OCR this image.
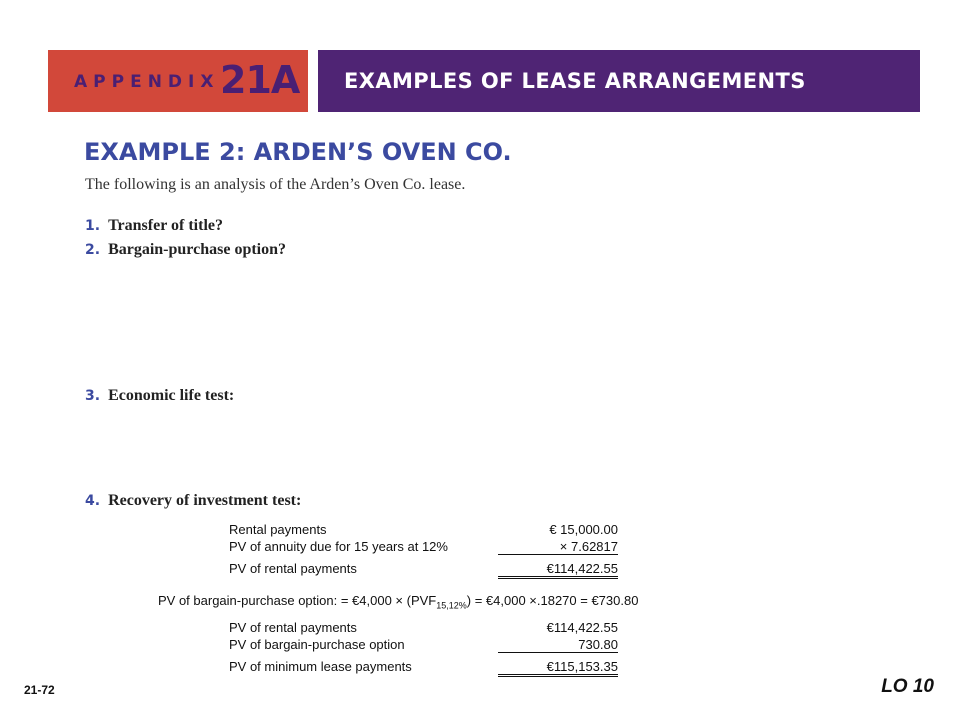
APPENDIX 21A EXAMPLES OF LEASE ARRANGEMENTS
EXAMPLE 2: ARDEN’S OVEN CO.
The following is an analysis of the Arden’s Oven Co. lease.
1. Transfer of title?
2. Bargain-purchase option?
3. Economic life test:
4. Recovery of investment test:
Rental payments	€ 15,000.00
PV of annuity due for 15 years at 12%	× 7.62817
PV of rental payments	€114,422.55
PV of bargain-purchase option: = €4,000 × $(PVF_{15,12\%})$ = €4,000 ×.18270 = €730.80
PV of rental payments	€114,422.55
PV of bargain-purchase option	730.80
PV of minimum lease payments	€115,153.35
21-72	LO 10
